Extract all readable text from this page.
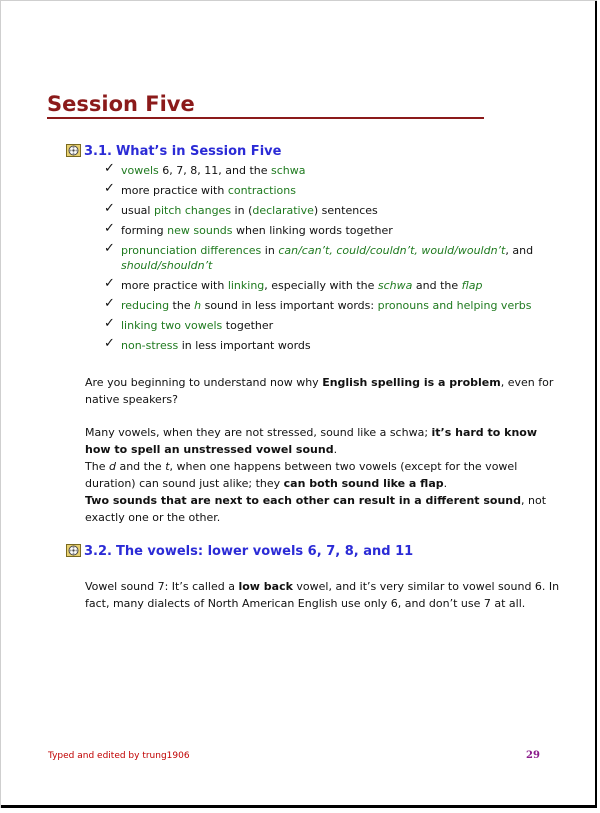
Session Five
3.1. What’s in Session Five
✓ vowels 6, 7, 8, 11, and the schwa
✓ more practice with contractions
✓ usual pitch changes in (declarative) sentences
✓ forming new sounds when linking words together
✓ pronunciation differences in can/can’t, could/couldn’t, would/wouldn’t, and should/shouldn’t
✓ more practice with linking, especially with the schwa and the flap
✓ reducing the h sound in less important words: pronouns and helping verbs
✓ linking two vowels together
✓ non-stress in less important words

Are you beginning to understand now why English spelling is a problem, even for native speakers?

Many vowels, when they are not stressed, sound like a schwa; it’s hard to know how to spell an unstressed vowel sound.

The d and the t, when one happens between two vowels (except for the vowel duration) can sound just alike; they can both sound like a flap.

Two sounds that are next to each other can result in a different sound, not exactly one or the other.

3.2. The vowels: lower vowels 6, 7, 8, and 11

Vowel sound 7: It’s called a low back vowel, and it’s very similar to vowel sound 6. In fact, many dialects of North American English use only 6, and don’t use 7 at all.

Typed and edited by trung1906	29
